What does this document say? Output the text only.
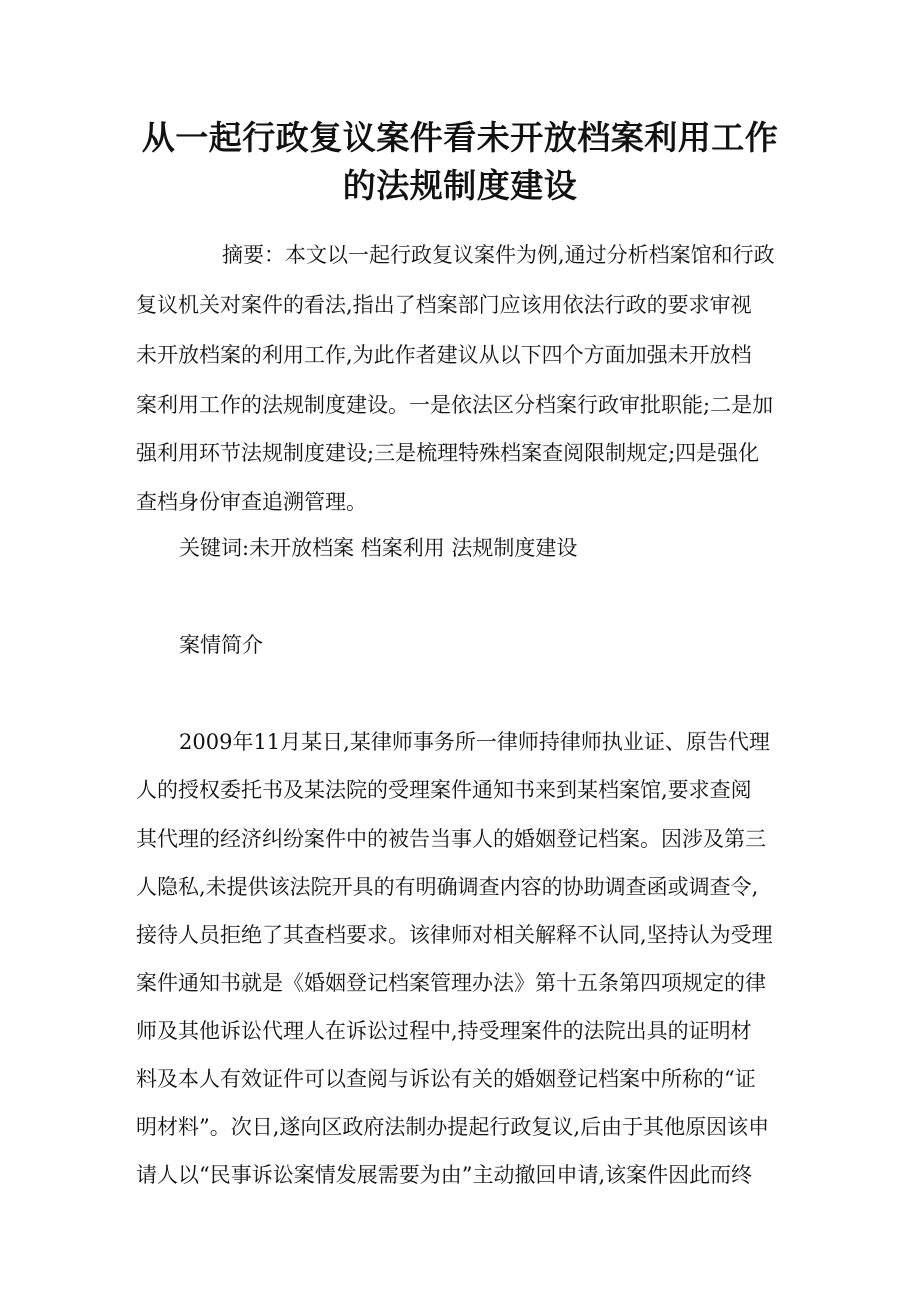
从一起行政复议案件看未开放档案利用工作
的法规制度建设

摘要：本文以一起行政复议案件为例,通过分析档案馆和行政

复议机关对案件的看法,指出了档案部门应该用依法行政的要求审视

未开放档案的利用工作,为此作者建议从以下四个方面加强未开放档

案利用工作的法规制度建设。一是依法区分档案行政审批职能;二是加

强利用环节法规制度建设;三是梳理特殊档案查阅限制规定;四是强化

查档身份审查追溯管理。

关键词:未开放档案 档案利用 法规制度建设

案情简介

2009年11月某日,某律师事务所一律师持律师执业证、原告代理

人的授权委托书及某法院的受理案件通知书来到某档案馆,要求查阅

其代理的经济纠纷案件中的被告当事人的婚姻登记档案。因涉及第三

人隐私,未提供该法院开具的有明确调查内容的协助调查函或调查令,

接待人员拒绝了其查档要求。该律师对相关解释不认同,坚持认为受理

案件通知书就是《婚姻登记档案管理办法》第十五条第四项规定的律

师及其他诉讼代理人在诉讼过程中,持受理案件的法院出具的证明材

料及本人有效证件可以查阅与诉讼有关的婚姻登记档案中所称的“证

明材料”。次日,遂向区政府法制办提起行政复议,后由于其他原因该申

请人以“民事诉讼案情发展需要为由”主动撤回申请,该案件因此而终
